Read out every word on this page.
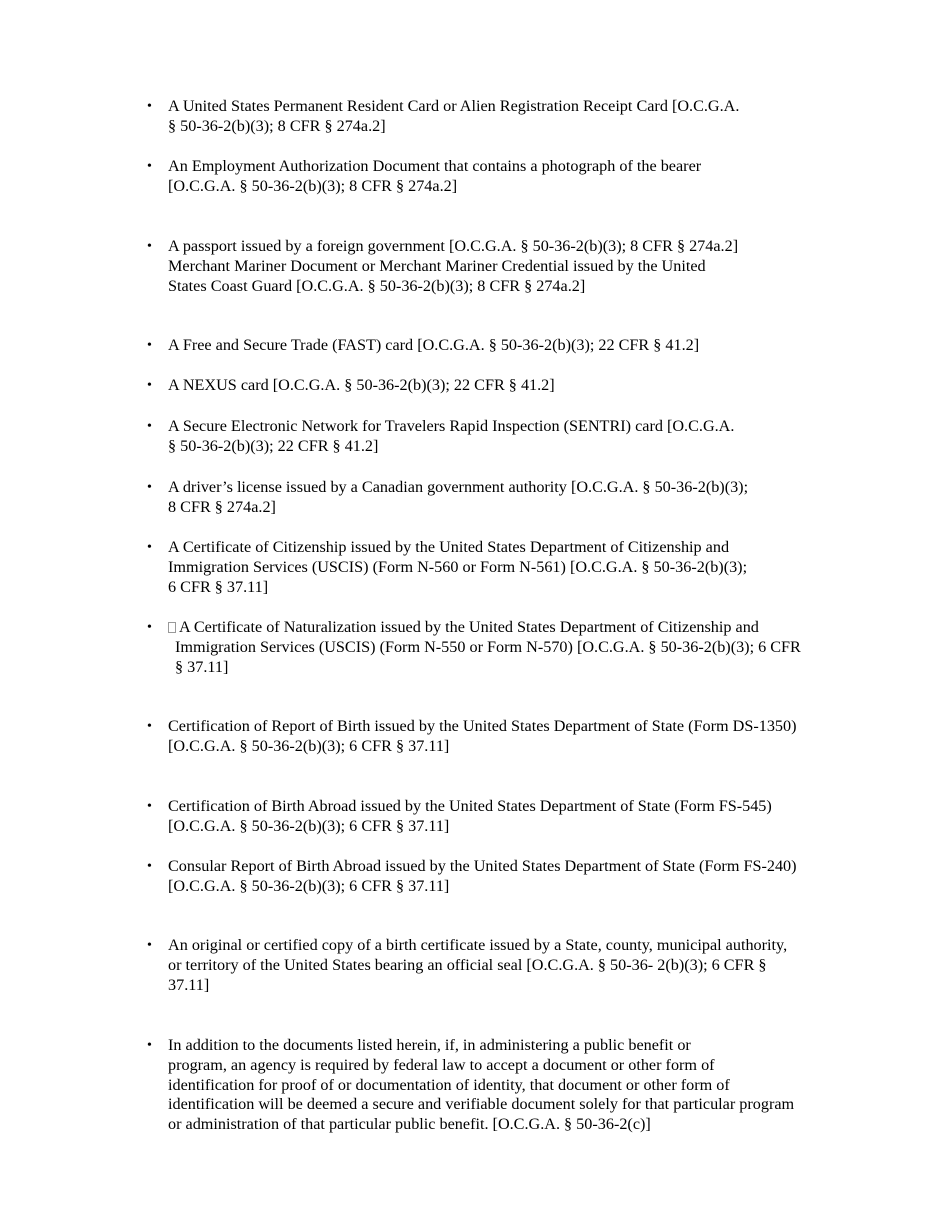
• A United States Permanent Resident Card or Alien Registration Receipt Card [O.C.G.A.
§ 50-36-2(b)(3); 8 CFR § 274a.2]
• An Employment Authorization Document that contains a photograph of the bearer
[O.C.G.A. § 50-36-2(b)(3); 8 CFR § 274a.2]
• A passport issued by a foreign government [O.C.G.A. § 50-36-2(b)(3); 8 CFR § 274a.2]
Merchant Mariner Document or Merchant Mariner Credential issued by the United
States Coast Guard [O.C.G.A. § 50-36-2(b)(3); 8 CFR § 274a.2]
• A Free and Secure Trade (FAST) card [O.C.G.A. § 50-36-2(b)(3); 22 CFR § 41.2]
• A NEXUS card [O.C.G.A. § 50-36-2(b)(3); 22 CFR § 41.2]
• A Secure Electronic Network for Travelers Rapid Inspection (SENTRI) card [O.C.G.A.
§ 50-36-2(b)(3); 22 CFR § 41.2]
• A driver’s license issued by a Canadian government authority [O.C.G.A. § 50-36-2(b)(3);
8 CFR § 274a.2]
• A Certificate of Citizenship issued by the United States Department of Citizenship and
Immigration Services (USCIS) (Form N-560 or Form N-561) [O.C.G.A. § 50-36-2(b)(3);
6 CFR § 37.11]
•	A Certificate of Naturalization issued by the United States Department of Citizenship and
Immigration Services (USCIS) (Form N-550 or Form N-570) [O.C.G.A. § 50-36-2(b)(3); 6 CFR
§ 37.11]
• Certification of Report of Birth issued by the United States Department of State (Form DS-1350)
[O.C.G.A. § 50-36-2(b)(3); 6 CFR § 37.11]
• Certification of Birth Abroad issued by the United States Department of State (Form FS-545)
[O.C.G.A. § 50-36-2(b)(3); 6 CFR § 37.11]
• Consular Report of Birth Abroad issued by the United States Department of State (Form FS-240)
[O.C.G.A. § 50-36-2(b)(3); 6 CFR § 37.11]
• An original or certified copy of a birth certificate issued by a State, county, municipal authority,
or territory of the United States bearing an official seal [O.C.G.A. § 50-36- 2(b)(3); 6 CFR §
37.11]
• In addition to the documents listed herein, if, in administering a public benefit or
program, an agency is required by federal law to accept a document or other form of
identification for proof of or documentation of identity, that document or other form of
identification will be deemed a secure and verifiable document solely for that particular program
or administration of that particular public benefit. [O.C.G.A. § 50-36-2(c)]
